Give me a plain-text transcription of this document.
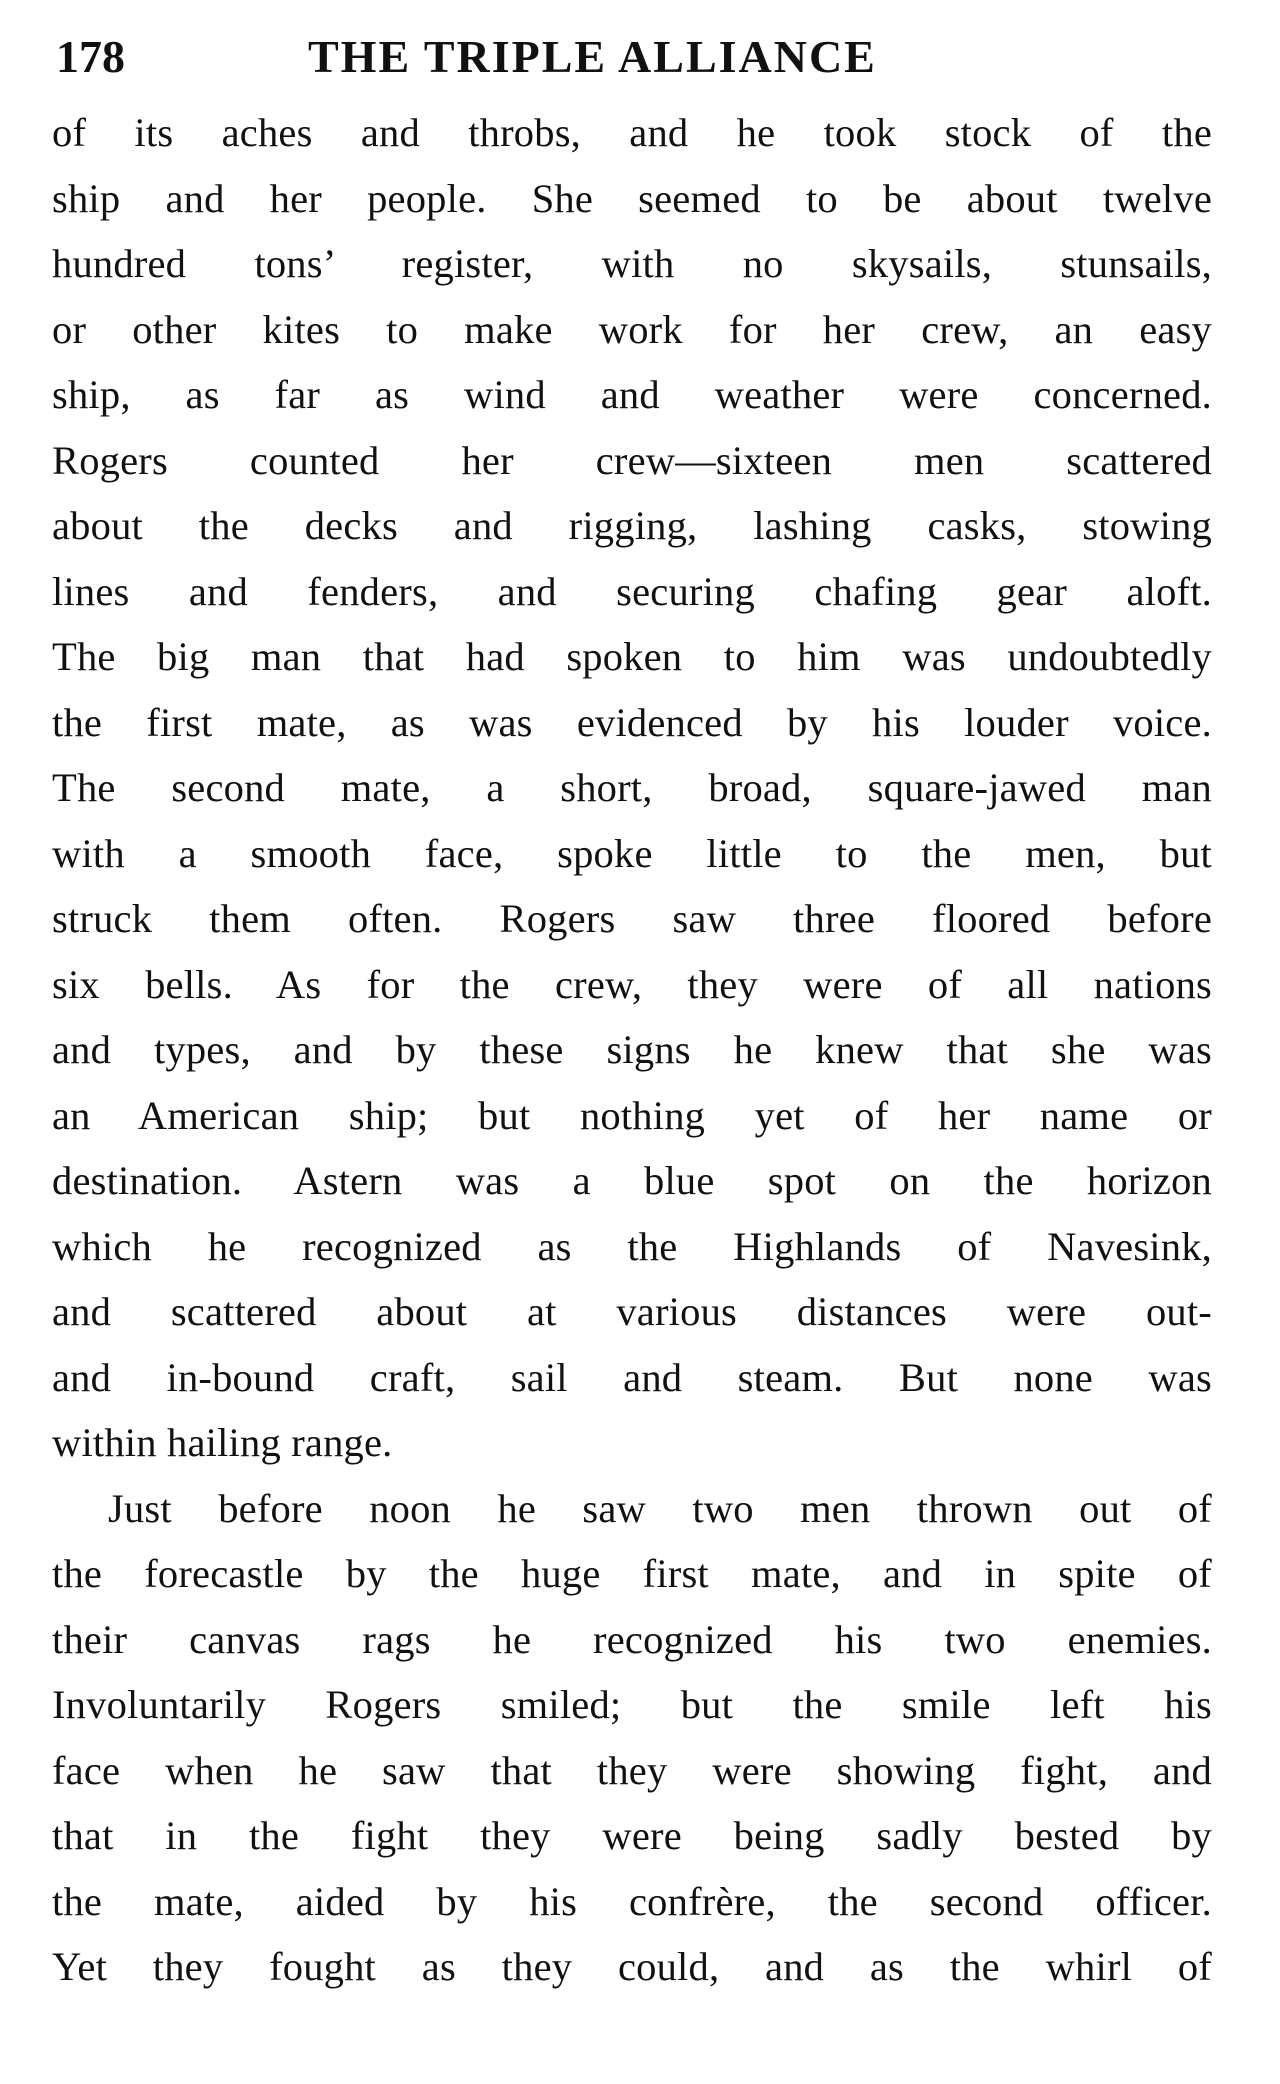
178	THE TRIPLE ALLIANCE
of its aches and throbs, and he took stock of the
ship and her people. She seemed to be about twelve
hundred tons’ register, with no skysails, stunsails,
or other kites to make work for her crew, an easy
ship, as far as wind and weather were concerned.
Rogers counted her crew—sixteen men scattered
about the decks and rigging, lashing casks, stowing
lines and fenders, and securing chafing gear aloft.
The big man that had spoken to him was undoubtedly
the first mate, as was evidenced by his louder voice.
The second mate, a short, broad, square-jawed man
with a smooth face, spoke little to the men, but
struck them often. Rogers saw three floored before
six bells. As for the crew, they were of all nations
and types, and by these signs he knew that she was
an American ship; but nothing yet of her name or
destination. Astern was a blue spot on the horizon
which he recognized as the Highlands of Navesink,
and scattered about at various distances were out-
and in-bound craft, sail and steam. But none was
within hailing range.
Just before noon he saw two men thrown out of
the forecastle by the huge first mate, and in spite of
their canvas rags he recognized his two enemies.
Involuntarily Rogers smiled; but the smile left his
face when he saw that they were showing fight, and
that in the fight they were being sadly bested by
the mate, aided by his confrère, the second officer.
Yet they fought as they could, and as the whirl of
